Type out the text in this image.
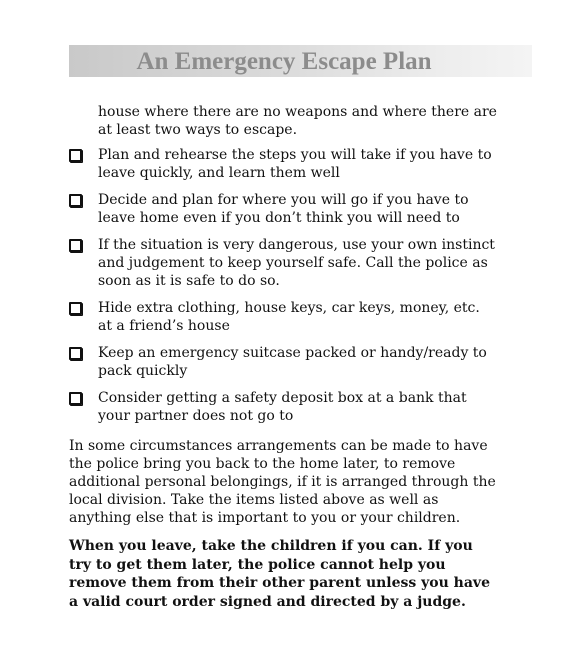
An Emergency Escape Plan
house where there are no weapons and where there are at least two ways to escape.
Plan and rehearse the steps you will take if you have to leave quickly, and learn them well
Decide and plan for where you will go if you have to leave home even if you don’t think you will need to
If the situation is very dangerous, use your own instinct and judgement to keep yourself safe. Call the police as soon as it is safe to do so.
Hide extra clothing, house keys, car keys, money, etc. at a friend’s house
Keep an emergency suitcase packed or handy/ready to pack quickly
Consider getting a safety deposit box at a bank that your partner does not go to

In some circumstances arrangements can be made to have the police bring you back to the home later, to remove additional personal belongings, if it is arranged through the local division. Take the items listed above as well as anything else that is important to you or your children.

When you leave, take the children if you can. If you try to get them later, the police cannot help you remove them from their other parent unless you have a valid court order signed and directed by a judge.
